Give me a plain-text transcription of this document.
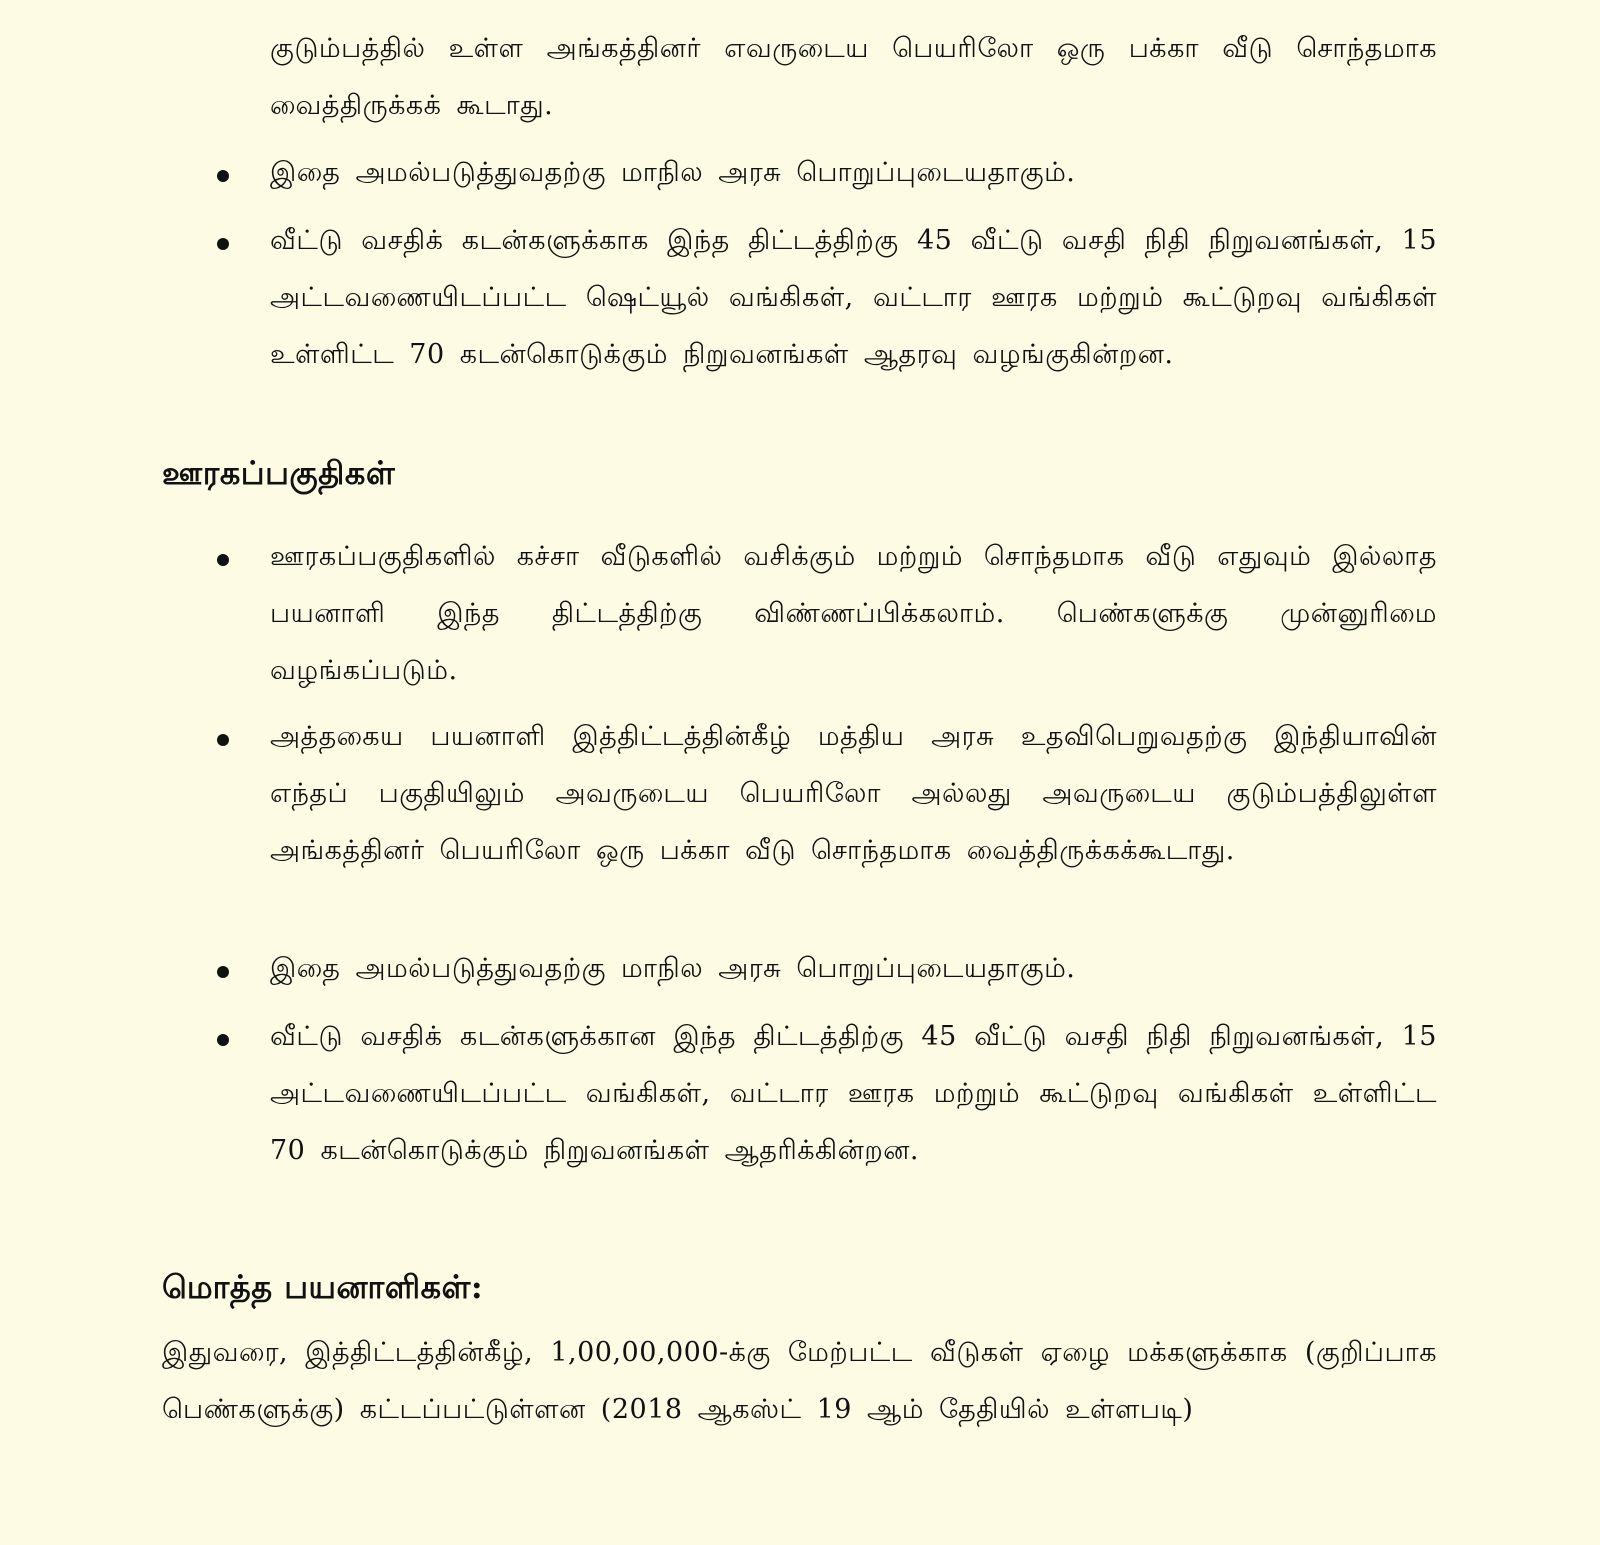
குடும்பத்தில் உள்ள அங்கத்தினர் எவருடைய பெயரிலோ ஒரு பக்கா வீடு சொந்தமாக வைத்திருக்கக் கூடாது.

இதை அமல்படுத்துவதற்கு மாநில அரசு பொறுப்புடையதாகும்.

வீட்டு வசதிக் கடன்களுக்காக இந்த திட்டத்திற்கு 45 வீட்டு வசதி நிதி நிறுவனங்கள், 15 அட்டவணையிடப்பட்ட ஷெட்யூல் வங்கிகள், வட்டார ஊரக மற்றும் கூட்டுறவு வங்கிகள் உள்ளிட்ட 70 கடன்கொடுக்கும் நிறுவனங்கள் ஆதரவு வழங்குகின்றன.

ஊரகப்பகுதிகள்

ஊரகப்பகுதிகளில் கச்சா வீடுகளில் வசிக்கும் மற்றும் சொந்தமாக வீடு எதுவும் இல்லாத பயனாளி இந்த திட்டத்திற்கு விண்ணப்பிக்கலாம். பெண்களுக்கு முன்னுரிமை வழங்கப்படும்.

அத்தகைய பயனாளி இத்திட்டத்தின்கீழ் மத்திய அரசு உதவிபெறுவதற்கு இந்தியாவின் எந்தப் பகுதியிலும் அவருடைய பெயரிலோ அல்லது அவருடைய குடும்பத்திலுள்ள அங்கத்தினர் பெயரிலோ ஒரு பக்கா வீடு சொந்தமாக வைத்திருக்கக்கூடாது.

இதை அமல்படுத்துவதற்கு மாநில அரசு பொறுப்புடையதாகும்.

வீட்டு வசதிக் கடன்களுக்கான இந்த திட்டத்திற்கு 45 வீட்டு வசதி நிதி நிறுவனங்கள், 15 அட்டவணையிடப்பட்ட வங்கிகள், வட்டார ஊரக மற்றும் கூட்டுறவு வங்கிகள் உள்ளிட்ட 70 கடன்கொடுக்கும் நிறுவனங்கள் ஆதரிக்கின்றன.

மொத்த பயனாளிகள்:

இதுவரை, இத்திட்டத்தின்கீழ், 1,00,00,000-க்கு மேற்பட்ட வீடுகள் ஏழை மக்களுக்காக (குறிப்பாக பெண்களுக்கு) கட்டப்பட்டுள்ளன (2018 ஆகஸ்ட் 19 ஆம் தேதியில் உள்ளபடி)
